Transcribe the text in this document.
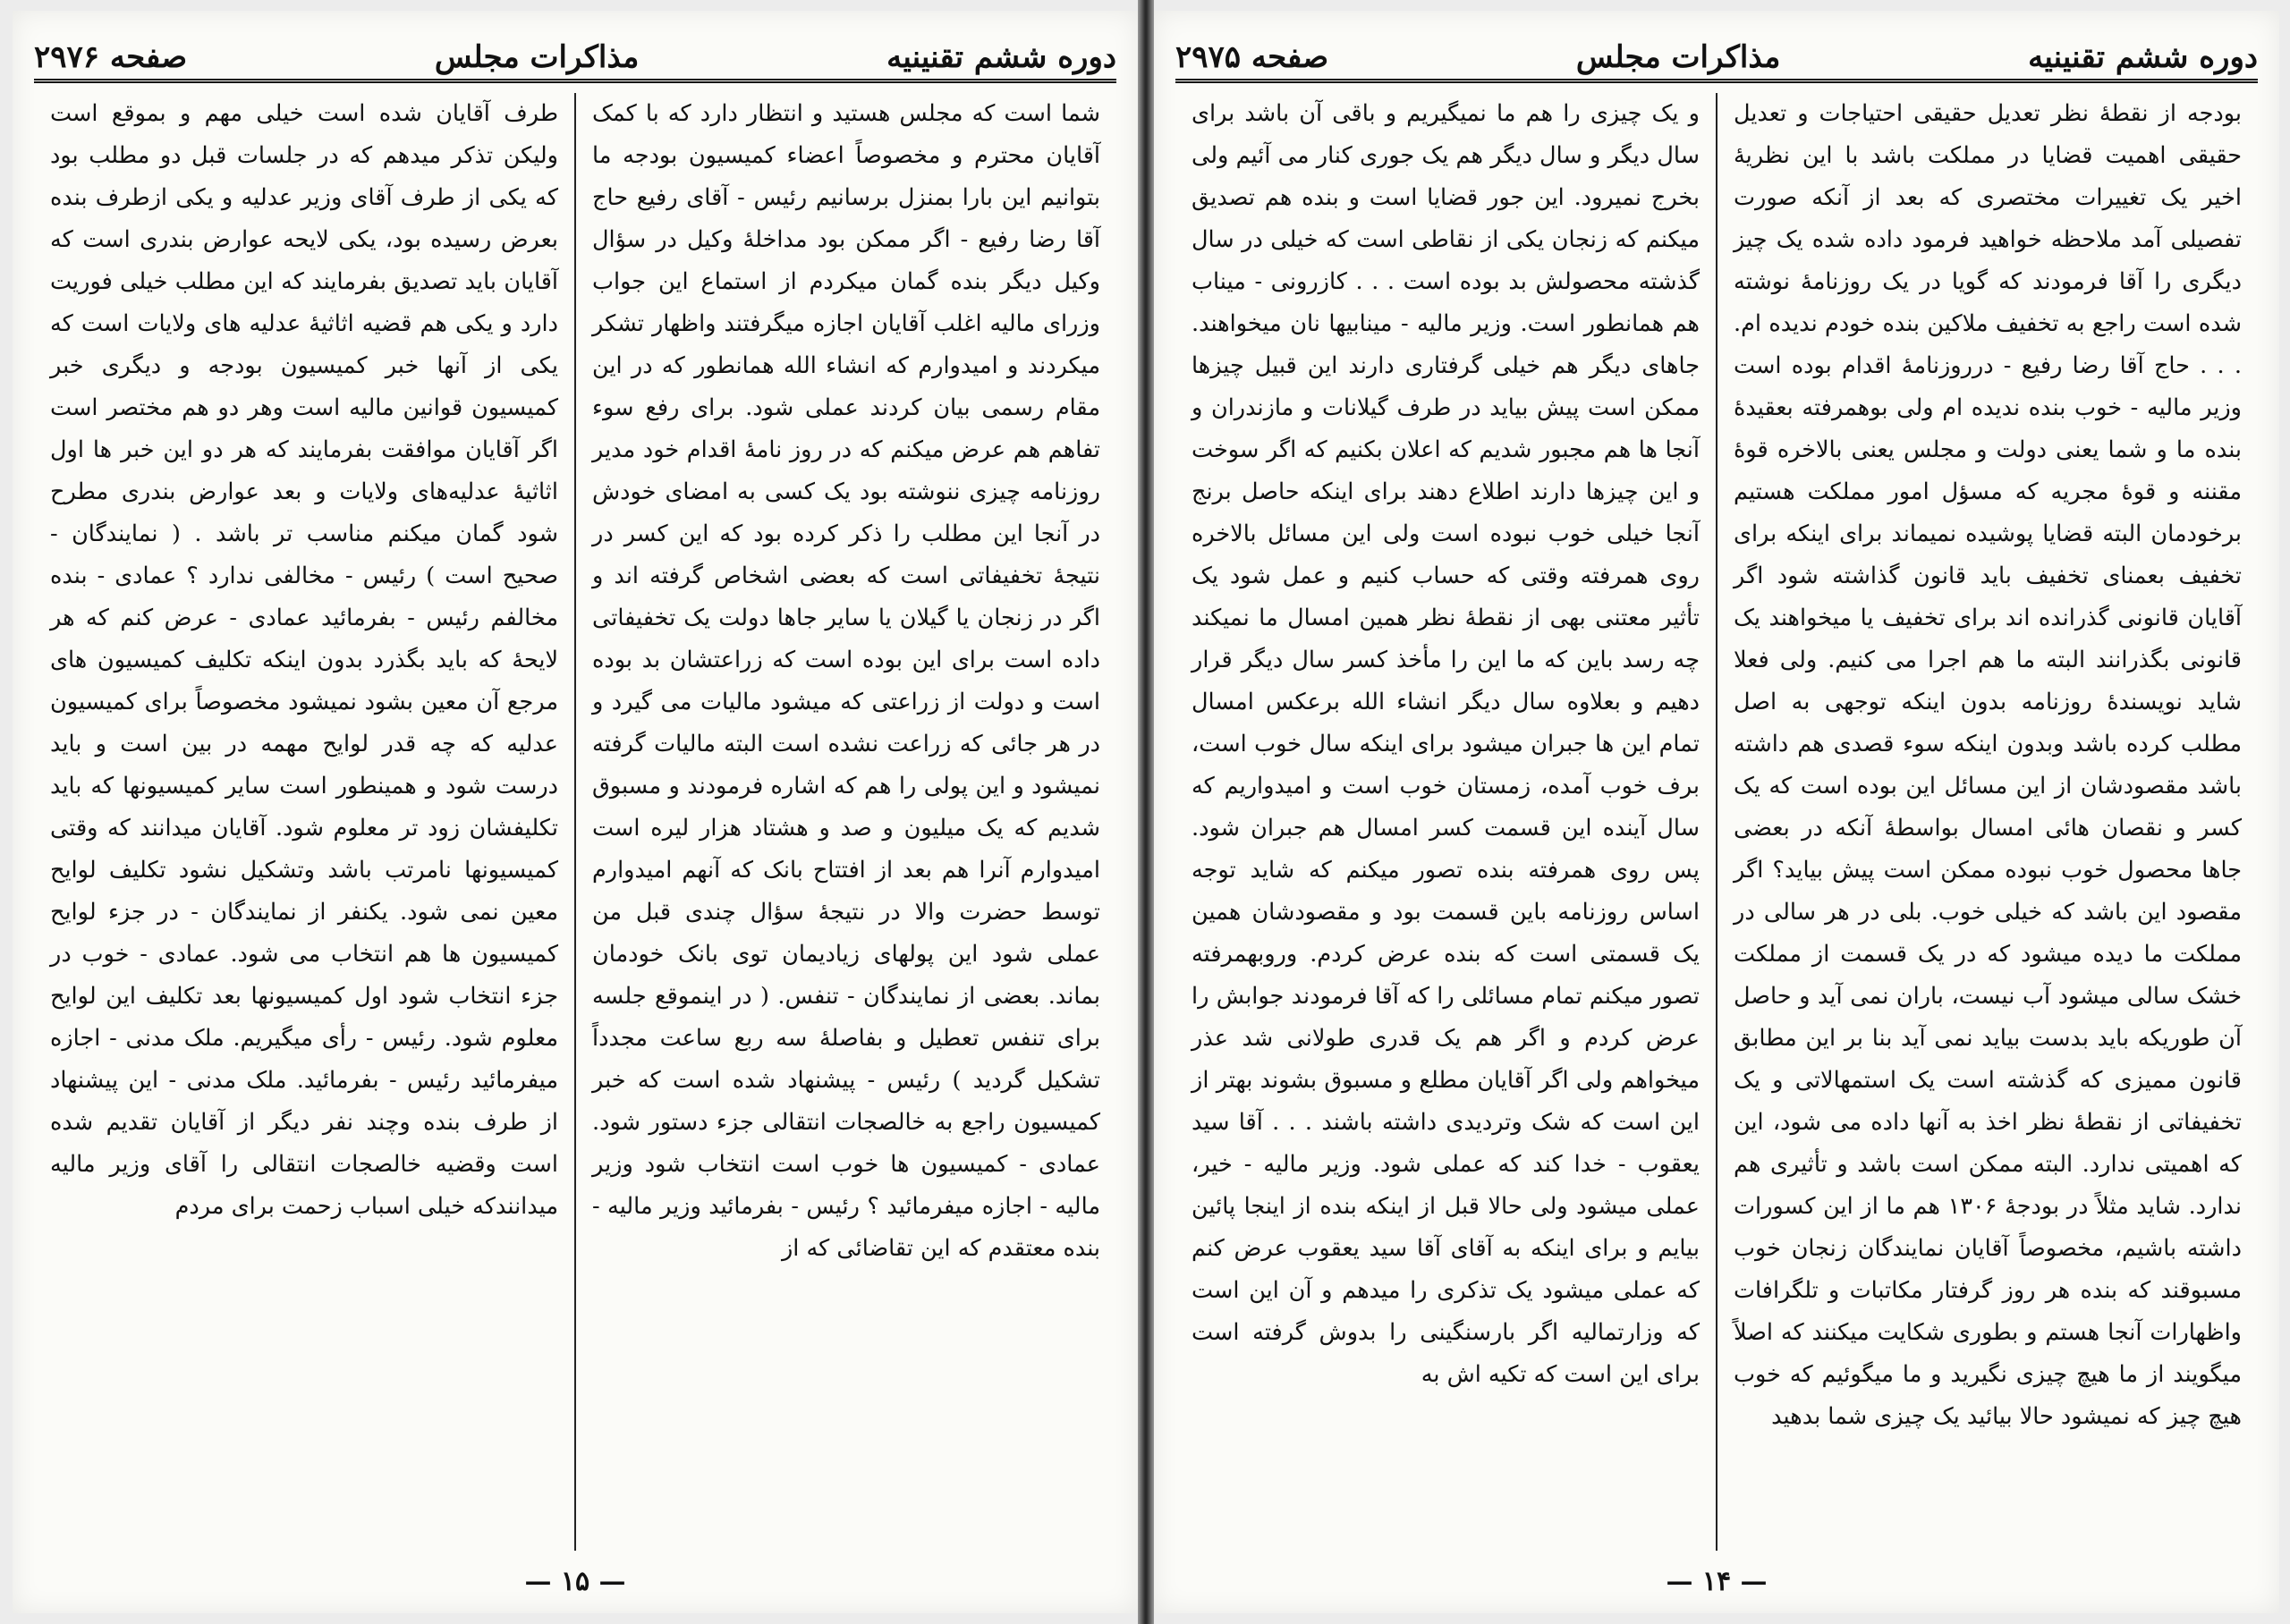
دوره ششم تقنینیه
مذاکرات مجلس
صفحه ۲۹۷۶

شما است که مجلس هستید و انتظار دارد که با کمک آقایان محترم و مخصوصاً اعضاء کمیسیون بودجه ما بتوانیم این بارا بمنزل برسانیم رئیس - آقای رفیع حاج آقا رضا رفیع - اگر ممکن بود مداخلهٔ وکیل در سؤال وکیل دیگر بنده گمان میکردم از استماع این جواب وزرای مالیه اغلب آقایان اجازه میگرفتند واظهار تشکر میکردند و امیدوارم که انشاء الله همانطور که در این مقام رسمی بیان کردند عملی شود. برای رفع سوء تفاهم هم عرض میکنم که در روز نامهٔ اقدام خود مدیر روزنامه چیزی ننوشته بود یک کسی به امضای خودش در آنجا این مطلب را ذکر کرده بود که این کسر در نتیجهٔ تخفیفاتی است که بعضی اشخاص گرفته اند و اگر در زنجان یا گیلان یا سایر جاها دولت یک تخفیفاتی داده است برای این بوده است که زراعتشان بد بوده است و دولت از زراعتی که میشود مالیات می گیرد و در هر جائی که زراعت نشده است البته مالیات گرفته نمیشود و این پولی را هم که اشاره فرمودند و مسبوق شدیم که یک میلیون و صد و هشتاد هزار لیره است امیدوارم آنرا هم بعد از افتتاح بانک که آنهم امیدوارم توسط حضرت والا در نتیجهٔ سؤال چندی قبل من عملی شود این پولهای زیادیمان توی بانک خودمان بماند. بعضی از نمایندگان - تنفس. ( در اینموقع جلسه برای تنفس تعطیل و بفاصلهٔ سه ربع ساعت مجدداً تشکیل گردید ) رئیس - پیشنهاد شده است که خبر کمیسیون راجع به خالصجات انتقالی جزء دستور شود. عمادی - کمیسیون ها خوب است انتخاب شود وزیر مالیه - اجازه میفرمائید ؟ رئیس - بفرمائید وزیر مالیه - بنده معتقدم که این تقاضائی که از

طرف آقایان شده است خیلی مهم و بموقع است ولیکن تذکر میدهم که در جلسات قبل دو مطلب بود که یکی از طرف آقای وزیر عدلیه و یکی ازطرف بنده بعرض رسیده بود، یکی لایحه عوارض بندری است که آقایان باید تصدیق بفرمایند که این مطلب خیلی فوریت دارد و یکی هم قضیه اثاثیهٔ عدلیه های ولایات است که یکی از آنها خبر کمیسیون بودجه و دیگری خبر کمیسیون قوانین مالیه است وهر دو هم مختصر است اگر آقایان موافقت بفرمایند که هر دو این خبر ها اول اثاثیهٔ عدلیه‌های ولایات و بعد عوارض بندری مطرح شود گمان میکنم مناسب تر باشد . ( نمایندگان - صحیح است ) رئیس - مخالفی ندارد ؟ عمادی - بنده مخالفم رئیس - بفرمائید عمادی - عرض کنم که هر لایحهٔ که باید بگذرد بدون اینکه تکلیف کمیسیون های مرجع آن معین بشود نمیشود مخصوصاً برای کمیسیون عدلیه که چه قدر لوایح مهمه در بین است و باید درست شود و همینطور است سایر کمیسیونها که باید تکلیفشان زود تر معلوم شود. آقایان میدانند که وقتی کمیسیونها نامرتب باشد وتشکیل نشود تکلیف لوایح معین نمی شود. یکنفر از نمایندگان - در جزء لوایح کمیسیون ها هم انتخاب می شود. عمادی - خوب در جزء انتخاب شود اول کمیسیونها بعد تکلیف این لوایح معلوم شود. رئیس - رأی میگیریم. ملک مدنی - اجازه میفرمائید رئیس - بفرمائید. ملک مدنی - این پیشنهاد از طرف بنده وچند نفر دیگر از آقایان تقدیم شده است وقضیه خالصجات انتقالی را آقای وزیر مالیه میدانندکه خیلی اسباب زحمت برای مردم

— ۱۵ —
دوره ششم تقنینیه
مذاکرات مجلس
صفحه ۲۹۷۵

بودجه از نقطهٔ نظر تعدیل حقیقی احتیاجات و تعدیل حقیقی اهمیت قضایا در مملکت باشد با این نظریهٔ اخیر یک تغییرات مختصری که بعد از آنکه صورت تفصیلی آمد ملاحظه خواهید فرمود داده شده یک چیز دیگری را آقا فرمودند که گویا در یک روزنامهٔ نوشته شده است راجع به تخفیف ملاکین بنده خودم ندیده ام. . . . حاج آقا رضا رفیع - درروزنامهٔ اقدام بوده است وزیر مالیه - خوب بنده ندیده ام ولی بوهمرفته بعقیدهٔ بنده ما و شما یعنی دولت و مجلس یعنی بالاخره قوهٔ مقننه و قوهٔ مجریه که مسؤل امور مملکت هستیم برخودمان البته قضایا پوشیده نمیماند برای اینکه برای تخفیف بعمنای تخفیف باید قانون گذاشته شود اگر آقایان قانونی گذرانده اند برای تخفیف یا میخواهند یک قانونی بگذرانند البته ما هم اجرا می کنیم. ولی فعلا شاید نویسندهٔ روزنامه بدون اینکه توجهی به اصل مطلب کرده باشد وبدون اینکه سوء قصدی هم داشته باشد مقصودشان از این مسائل این بوده است که یک کسر و نقصان هائی امسال بواسطهٔ آنکه در بعضی جاها محصول خوب نبوده ممکن است پیش بیاید؟ اگر مقصود این باشد که خیلی خوب. بلی در هر سالی در مملکت ما دیده میشود که در یک قسمت از مملکت خشک سالی میشود آب نیست، باران نمی آید و حاصل آن طوریکه باید بدست بیاید نمی آید بنا بر این مطابق قانون ممیزی که گذشته است یک استمهالاتی و یک تخفیفاتی از نقطهٔ نظر اخذ به آنها داده می شود، این که اهمیتی ندارد. البته ممکن است باشد و تأثیری هم ندارد. شاید مثلاً در بودجهٔ ۱۳۰۶ هم ما از این کسورات داشته باشیم، مخصوصاً آقایان نمایندگان زنجان خوب مسبوقند که بنده هر روز گرفتار مکاتبات و تلگرافات واظهارات آنجا هستم و بطوری شکایت میکنند که اصلاً میگویند از ما هیچ چیزی نگیرید و ما میگوئیم که خوب هیچ چیز که نمیشود حالا بیائید یک چیزی شما بدهید

و یک چیزی را هم ما نمیگیریم و باقی آن باشد برای سال دیگر و سال دیگر هم یک جوری کنار می آئیم ولی بخرج نمیرود. این جور قضایا است و بنده هم تصدیق میکنم که زنجان یکی از نقاطی است که خیلی در سال گذشته محصولش بد بوده است . . . کازرونی - میناب هم همانطور است. وزیر مالیه - مینابیها نان میخواهند. جاهای دیگر هم خیلی گرفتاری دارند این قبیل چیزها ممکن است پیش بیاید در طرف گیلانات و مازندران و آنجا ها هم مجبور شدیم که اعلان بکنیم که اگر سوخت و این چیزها دارند اطلاع دهند برای اینکه حاصل برنج آنجا خیلی خوب نبوده است ولی این مسائل بالاخره روی همرفته وقتی که حساب کنیم و عمل شود یک تأثیر معتنی بهی از نقطهٔ نظر همین امسال ما نمیکند چه رسد باین که ما این را مأخذ کسر سال دیگر قرار دهیم و بعلاوه سال دیگر انشاء الله برعکس امسال تمام این ها جبران میشود برای اینکه سال خوب است، برف خوب آمده، زمستان خوب است و امیدواریم که سال آینده این قسمت کسر امسال هم جبران شود. پس روی همرفته بنده تصور میکنم که شاید توجه اساس روزنامه باین قسمت بود و مقصودشان همین یک قسمتی است که بنده عرض کردم. وروبهمرفته تصور میکنم تمام مسائلی را که آقا فرمودند جوابش را عرض کردم و اگر هم یک قدری طولانی شد عذر میخواهم ولی اگر آقایان مطلع و مسبوق بشوند بهتر از این است که شک وتردیدی داشته باشند . . . آقا سید یعقوب - خدا کند که عملی شود. وزیر مالیه - خیر، عملی میشود ولی حالا قبل از اینکه بنده از اینجا پائین بیایم و برای اینکه به آقای آقا سید یعقوب عرض کنم که عملی میشود یک تذکری را میدهم و آن این است که وزارتمالیه اگر بارسنگینی را بدوش گرفته است برای این است که تکیه اش به

— ۱۴ —
